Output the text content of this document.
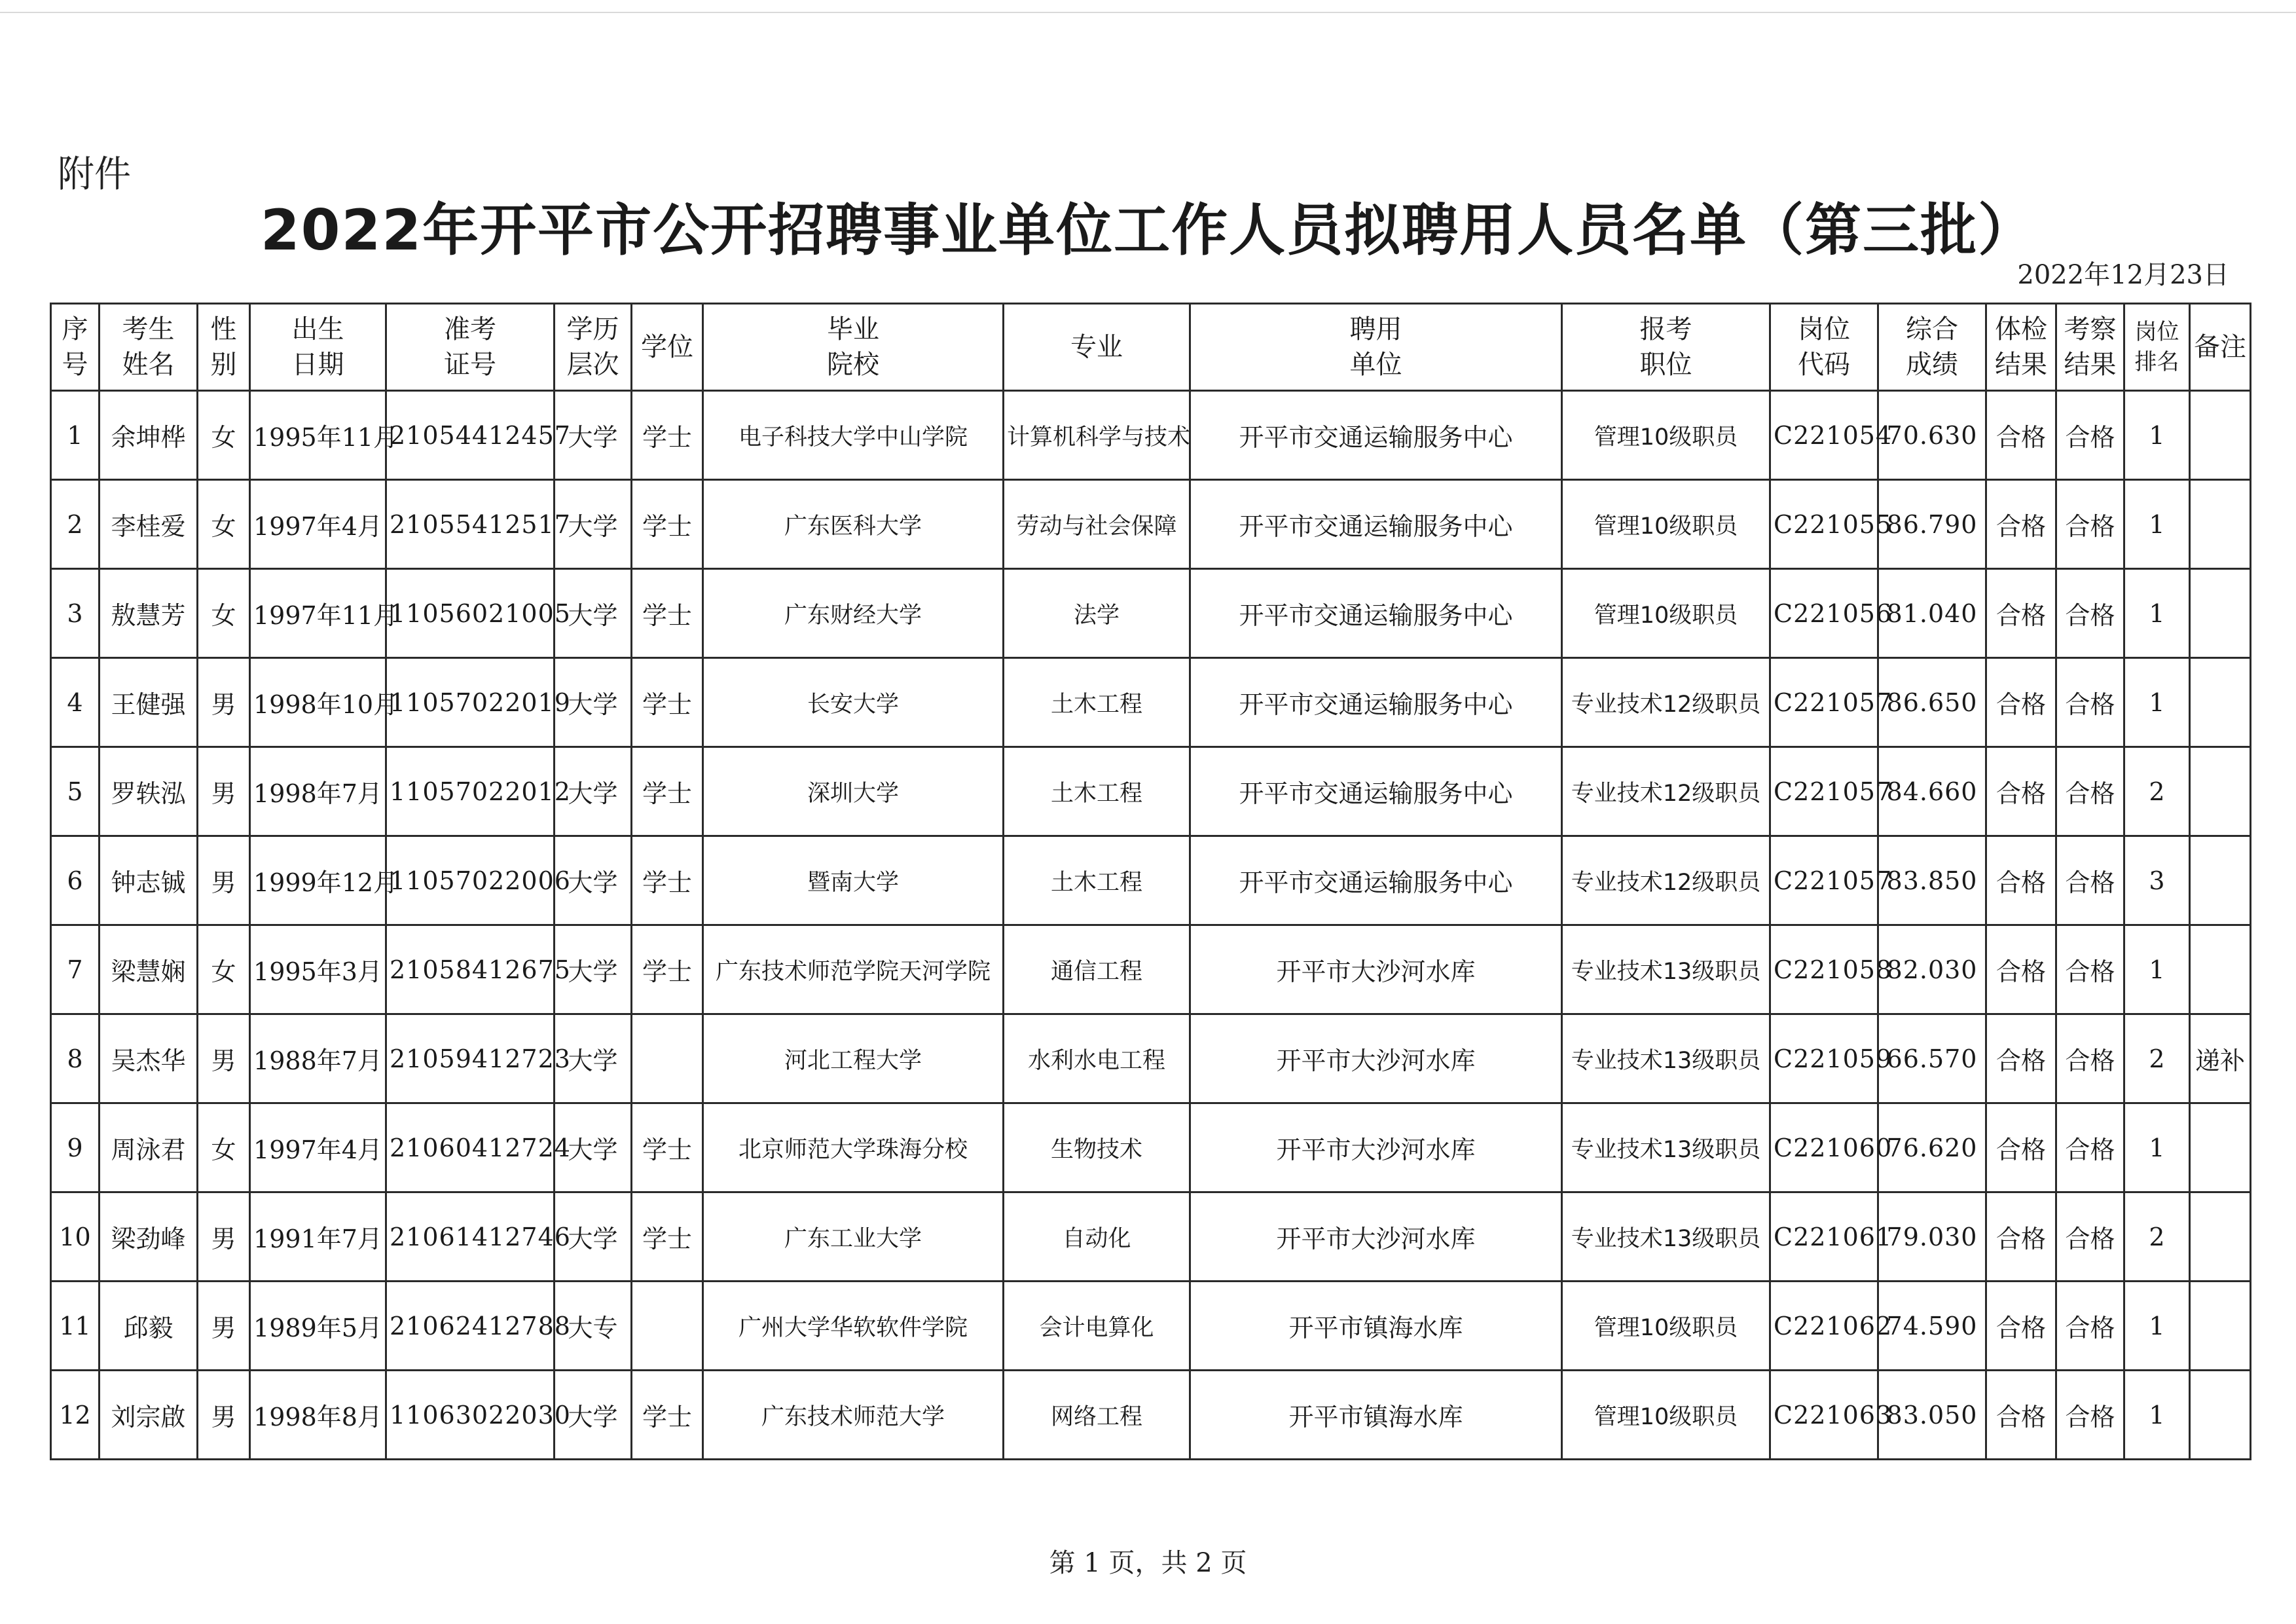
附件
2022年开平市公开招聘事业单位工作人员拟聘用人员名单（第三批）
2022年12月23日
序号	考生姓名	性别	出生日期	准考证号	学历层次	学位	毕业院校	专业	聘用单位	报考职位	岗位代码	综合成绩	体检结果	考察结果	岗位排名	备注
1	余坤桦	女	1995年11月	21054412457	大学	学士	电子科技大学中山学院	计算机科学与技术	开平市交通运输服务中心	管理10级职员	C221054	70.630	合格	合格	1	
2	李桂爱	女	1997年4月	21055412517	大学	学士	广东医科大学	劳动与社会保障	开平市交通运输服务中心	管理10级职员	C221055	86.790	合格	合格	1	
3	敖慧芳	女	1997年11月	11056021005	大学	学士	广东财经大学	法学	开平市交通运输服务中心	管理10级职员	C221056	81.040	合格	合格	1	
4	王健强	男	1998年10月	11057022019	大学	学士	长安大学	土木工程	开平市交通运输服务中心	专业技术12级职员	C221057	86.650	合格	合格	1	
5	罗轶泓	男	1998年7月	11057022012	大学	学士	深圳大学	土木工程	开平市交通运输服务中心	专业技术12级职员	C221057	84.660	合格	合格	2	
6	钟志铖	男	1999年12月	11057022006	大学	学士	暨南大学	土木工程	开平市交通运输服务中心	专业技术12级职员	C221057	83.850	合格	合格	3	
7	梁慧娴	女	1995年3月	21058412675	大学	学士	广东技术师范学院天河学院	通信工程	开平市大沙河水库	专业技术13级职员	C221058	82.030	合格	合格	1	
8	吴杰华	男	1988年7月	21059412723	大学		河北工程大学	水利水电工程	开平市大沙河水库	专业技术13级职员	C221059	66.570	合格	合格	2	递补
9	周泳君	女	1997年4月	21060412724	大学	学士	北京师范大学珠海分校	生物技术	开平市大沙河水库	专业技术13级职员	C221060	76.620	合格	合格	1	
10	梁劲峰	男	1991年7月	21061412746	大学	学士	广东工业大学	自动化	开平市大沙河水库	专业技术13级职员	C221061	79.030	合格	合格	2	
11	邱毅	男	1989年5月	21062412788	大专		广州大学华软软件学院	会计电算化	开平市镇海水库	管理10级职员	C221062	74.590	合格	合格	1	
12	刘宗啟	男	1998年8月	11063022030	大学	学士	广东技术师范大学	网络工程	开平市镇海水库	管理10级职员	C221063	83.050	合格	合格	1	
第 1 页，共 2 页
